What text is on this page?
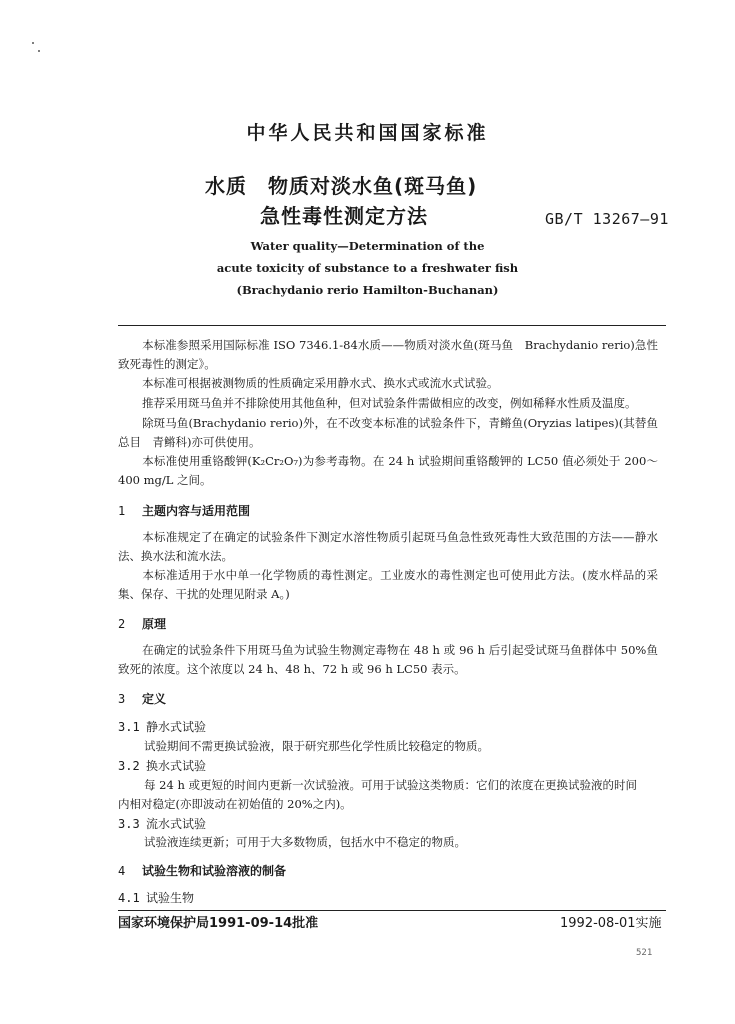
中华人民共和国国家标准
水质　物质对淡水鱼(斑马鱼)
急性毒性测定方法	GB/T 13267—91
Water quality—Determination of the
acute toxicity of substance to a freshwater fish
(Brachydanio rerio Hamilton-Buchanan)
本标准参照采用国际标准 ISO 7346.1-84水质——物质对淡水鱼(斑马鱼　Brachydanio rerio)急性致死毒性的测定》。
本标准可根据被测物质的性质确定采用静水式、换水式或流水式试验。
推荐采用斑马鱼并不排除使用其他鱼种，但对试验条件需做相应的改变，例如稀释水性质及温度。
除斑马鱼(Brachydanio rerio)外，在不改变本标准的试验条件下，青鳉鱼(Oryzias latipes)(其替鱼总目　青鳉科)亦可供使用。
本标准使用重铬酸钾(K₂Cr₂O₇)为参考毒物。在 24 h 试验期间重铬酸钾的 LC50 值必须处于 200～400 mg/L 之间。
1 主题内容与适用范围
本标准规定了在确定的试验条件下测定水溶性物质引起斑马鱼急性致死毒性大致范围的方法——静水法、换水法和流水法。
本标准适用于水中单一化学物质的毒性测定。工业废水的毒性测定也可使用此方法。(废水样品的采集、保存、干扰的处理见附录 A。)
2 原理
在确定的试验条件下用斑马鱼为试验生物测定毒物在 48 h 或 96 h 后引起受试斑马鱼群体中 50%鱼致死的浓度。这个浓度以 24 h、48 h、72 h 或 96 h LC50 表示。
3 定义
3.1 静水式试验
试验期间不需更换试验液，限于研究那些化学性质比较稳定的物质。
3.2 换水式试验
每 24 h 或更短的时间内更新一次试验液。可用于试验这类物质：它们的浓度在更换试验液的时间
内相对稳定(亦即波动在初始值的 20%之内)。
3.3 流水式试验
试验液连续更新；可用于大多数物质，包括水中不稳定的物质。
4 试验生物和试验溶液的制备
4.1 试验生物
国家环境保护局1991-09-14批准	1992-08-01实施
521
